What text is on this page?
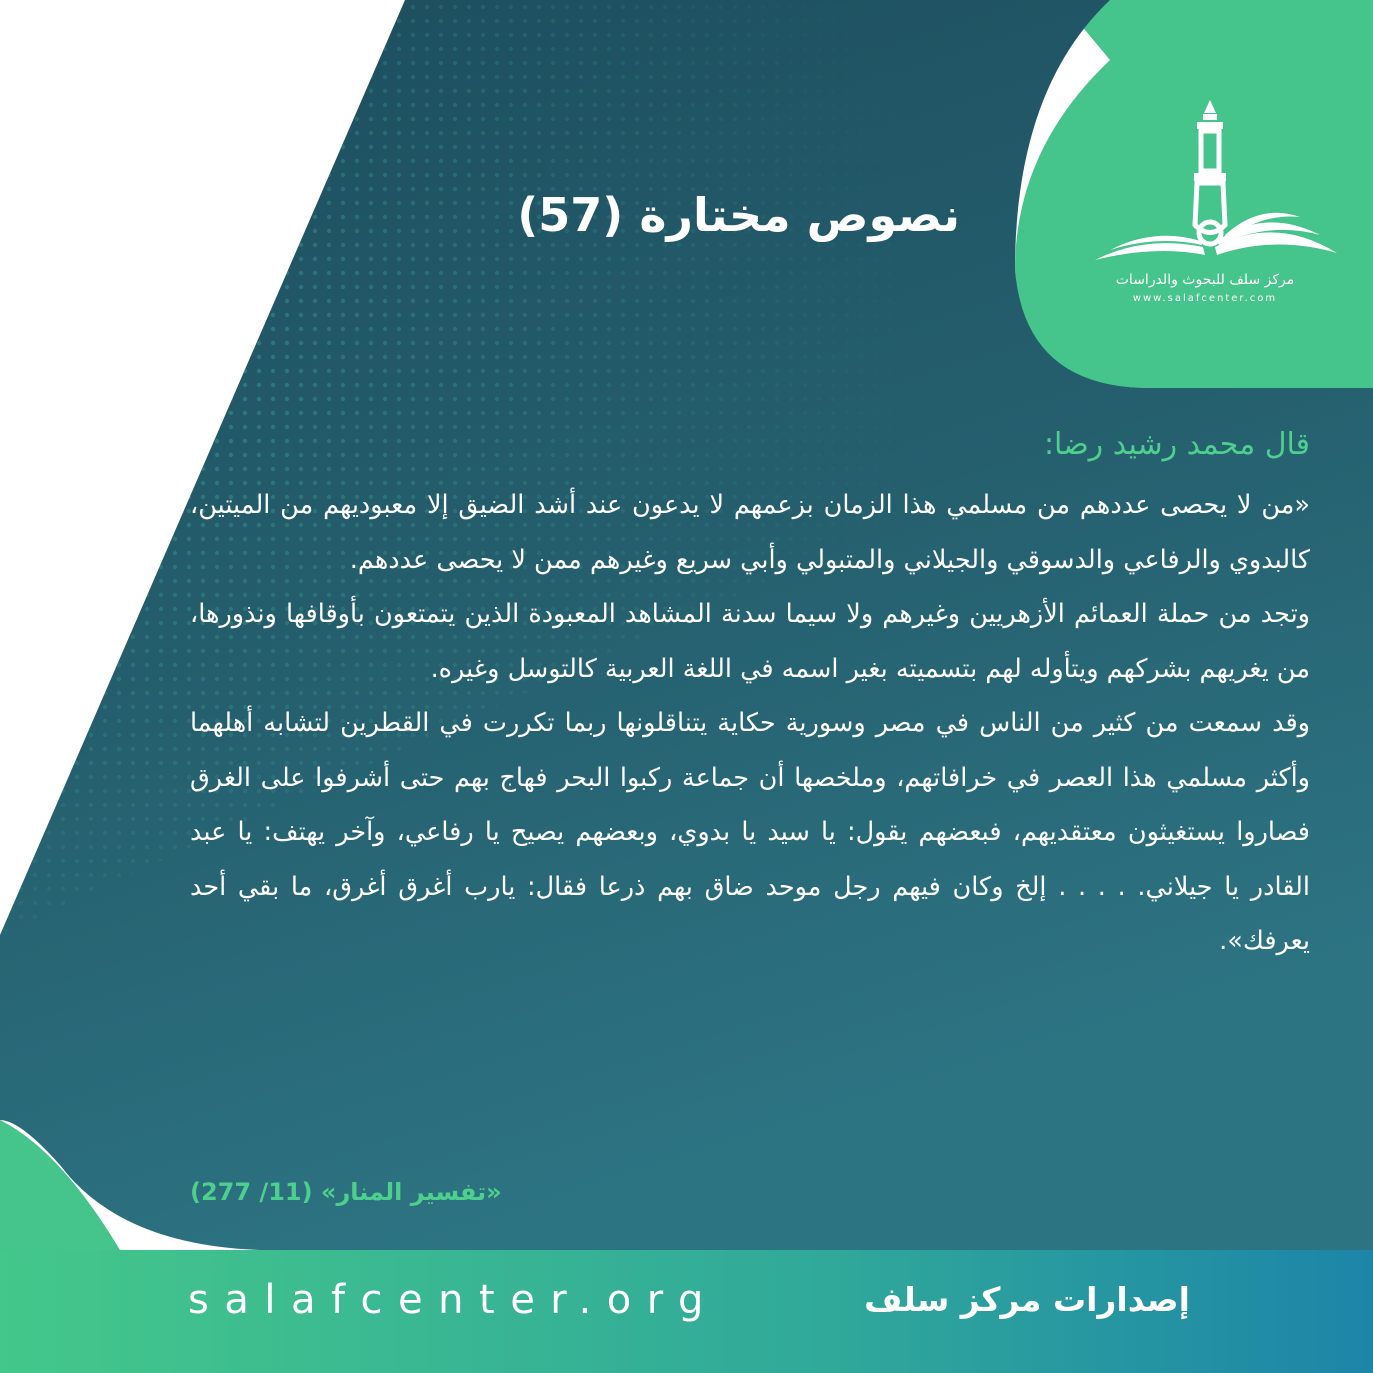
نصوص مختارة (57)
مركز سلف للبحوث والدراسات
www.salafcenter.com
قال محمد رشيد رضا:

«من لا يحصى عددهم من مسلمي هذا الزمان بزعمهم لا يدعون عند أشد الضيق إلا معبوديهم من الميتين، كالبدوي والرفاعي والدسوقي والجيلاني والمتبولي وأبي سريع وغيرهم ممن لا يحصى عددهم.

وتجد من حملة العمائم الأزهريين وغيرهم ولا سيما سدنة المشاهد المعبودة الذين يتمتعون بأوقافها ونذورها، من يغريهم بشركهم ويتأوله لهم بتسميته بغير اسمه في اللغة العربية كالتوسل وغيره.

وقد سمعت من كثير من الناس في مصر وسورية حكاية يتناقلونها ربما تكررت في القطرين لتشابه أهلهما وأكثر مسلمي هذا العصر في خرافاتهم، وملخصها أن جماعة ركبوا البحر فهاج بهم حتى أشرفوا على الغرق فصاروا يستغيثون معتقديهم، فبعضهم يقول: يا سيد يا بدوي، وبعضهم يصيح يا رفاعي، وآخر يهتف: يا عبد القادر يا جيلاني. . . . . إلخ وكان فيهم رجل موحد ضاق بهم ذرعا فقال: يارب أغرق أغرق، ما بقي أحد يعرفك».

«تفسير المنار» (11/ 277)
salafcenter.org	إصدارات مركز سلف
